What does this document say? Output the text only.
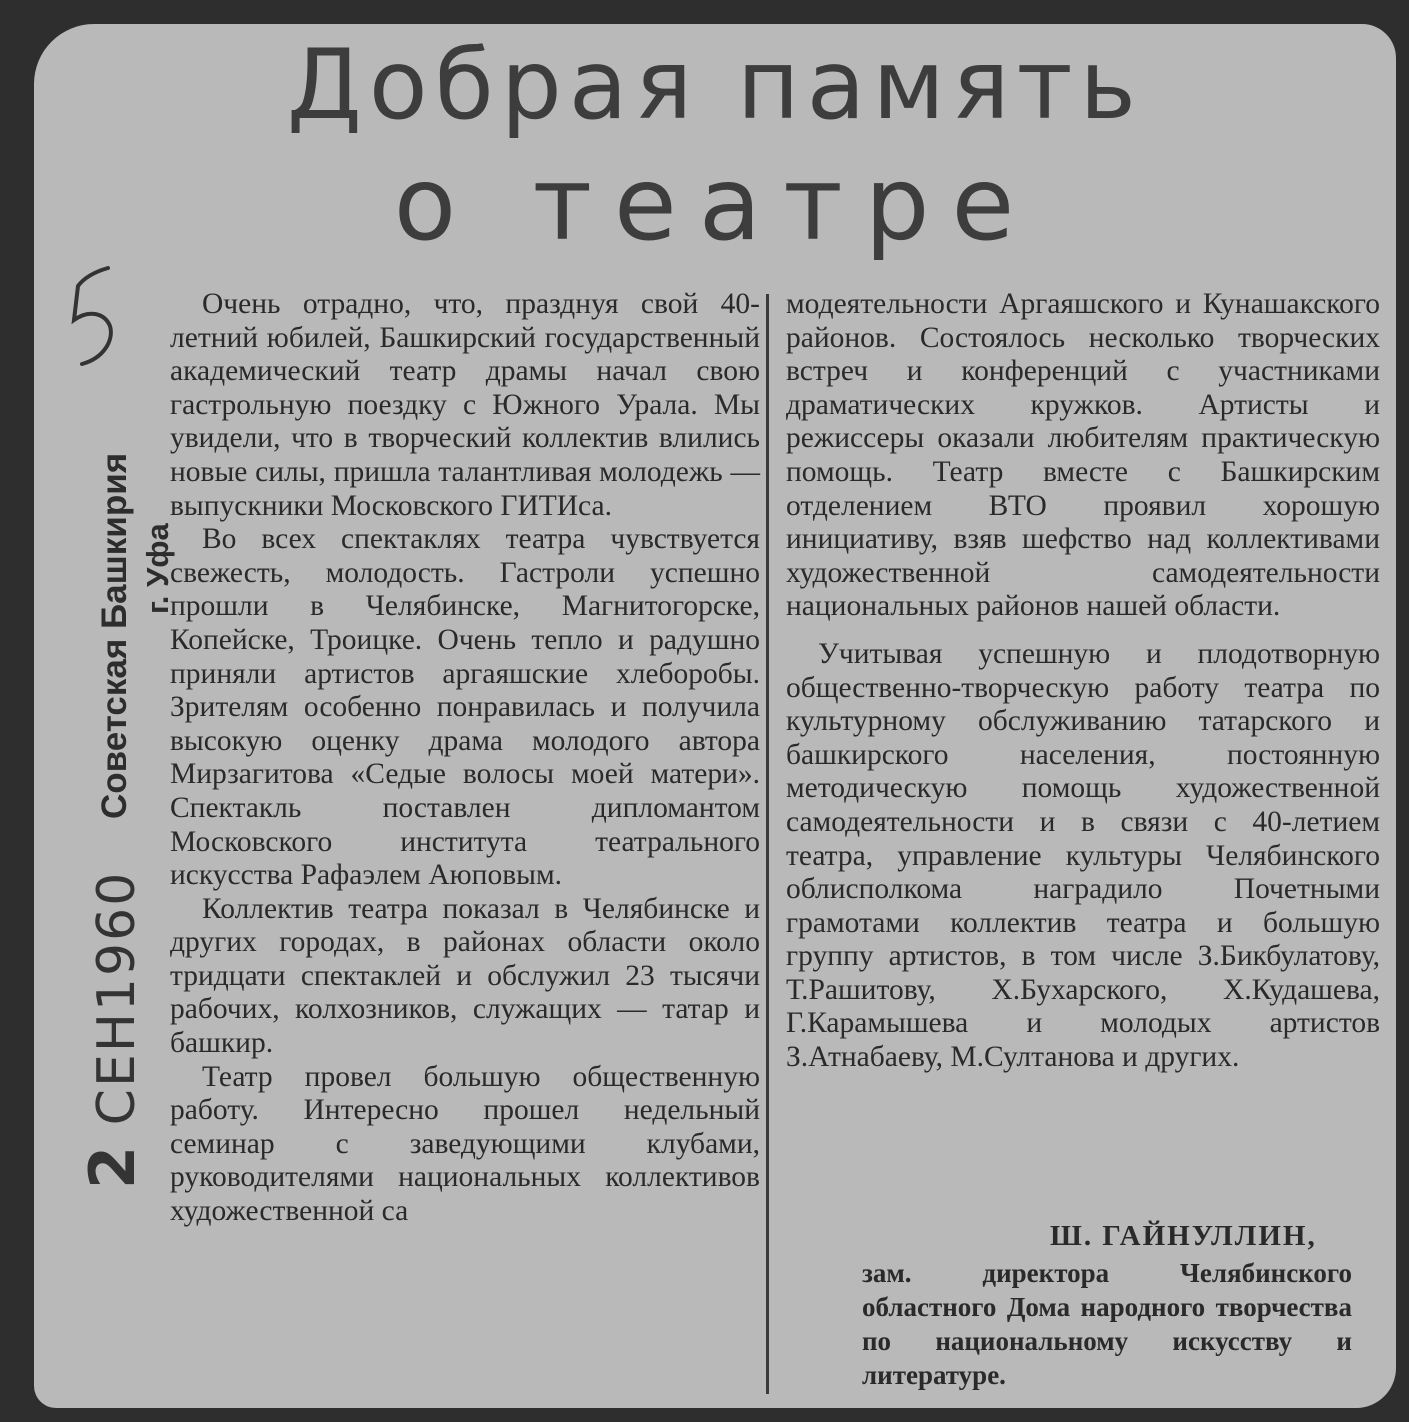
Добрая память
о театре
Советская Башкирия г. Уфа
2 СЕН1960

Очень отрадно, что, празднуя свой 40-летний юбилей, Башкирский государственный академический театр драмы начал свою гастрольную поездку с Южного Урала. Мы увидели, что в творческий коллектив влились новые силы, пришла талантливая молодежь — выпускники Московского ГИТИса.

Во всех спектаклях театра чувствуется свежесть, молодость. Гастроли успешно прошли в Челябинске, Магнитогорске, Копейске, Троицке. Очень тепло и радушно приняли артистов аргаяшские хлеборобы. Зрителям особенно понравилась и получила высокую оценку драма молодого автора Мирзагитова «Седые волосы моей матери». Спектакль поставлен дипломантом Московского института театрального искусства Рафаэлем Аюповым.

Коллектив театра показал в Челябинске и других городах, в районах области около тридцати спектаклей и обслужил 23 тысячи рабочих, колхозников, служащих — татар и башкир.

Театр провел большую общественную работу. Интересно прошел недельный семинар с заведующими клубами, руководителями национальных коллективов художественной са

модеятельности Аргаяшского и Кунашакского районов. Состоялось несколько творческих встреч и конференций с участниками драматических кружков. Артисты и режиссеры оказали любителям практическую помощь. Театр вместе с Башкирским отделением ВТО проявил хорошую инициативу, взяв шефство над коллективами художественной самодеятельности национальных районов нашей области.

Учитывая успешную и плодотворную общественно-творческую работу театра по культурному обслуживанию татарского и башкирского населения, постоянную методическую помощь художественной самодеятельности и в связи с 40-летием театра, управление культуры Челябинского облисполкома наградило Почетными грамотами коллектив театра и большую группу артистов, в том числе З.Бикбулатову, Т.Рашитову, Х.Бухарского, Х.Кудашева, Г.Карамышева и молодых артистов З.Атнабаеву, М.Султанова и других.

Ш. ГАЙНУЛЛИН,
зам. директора Челябинского областного Дома народного творчества по национальному искусству и литературе.
